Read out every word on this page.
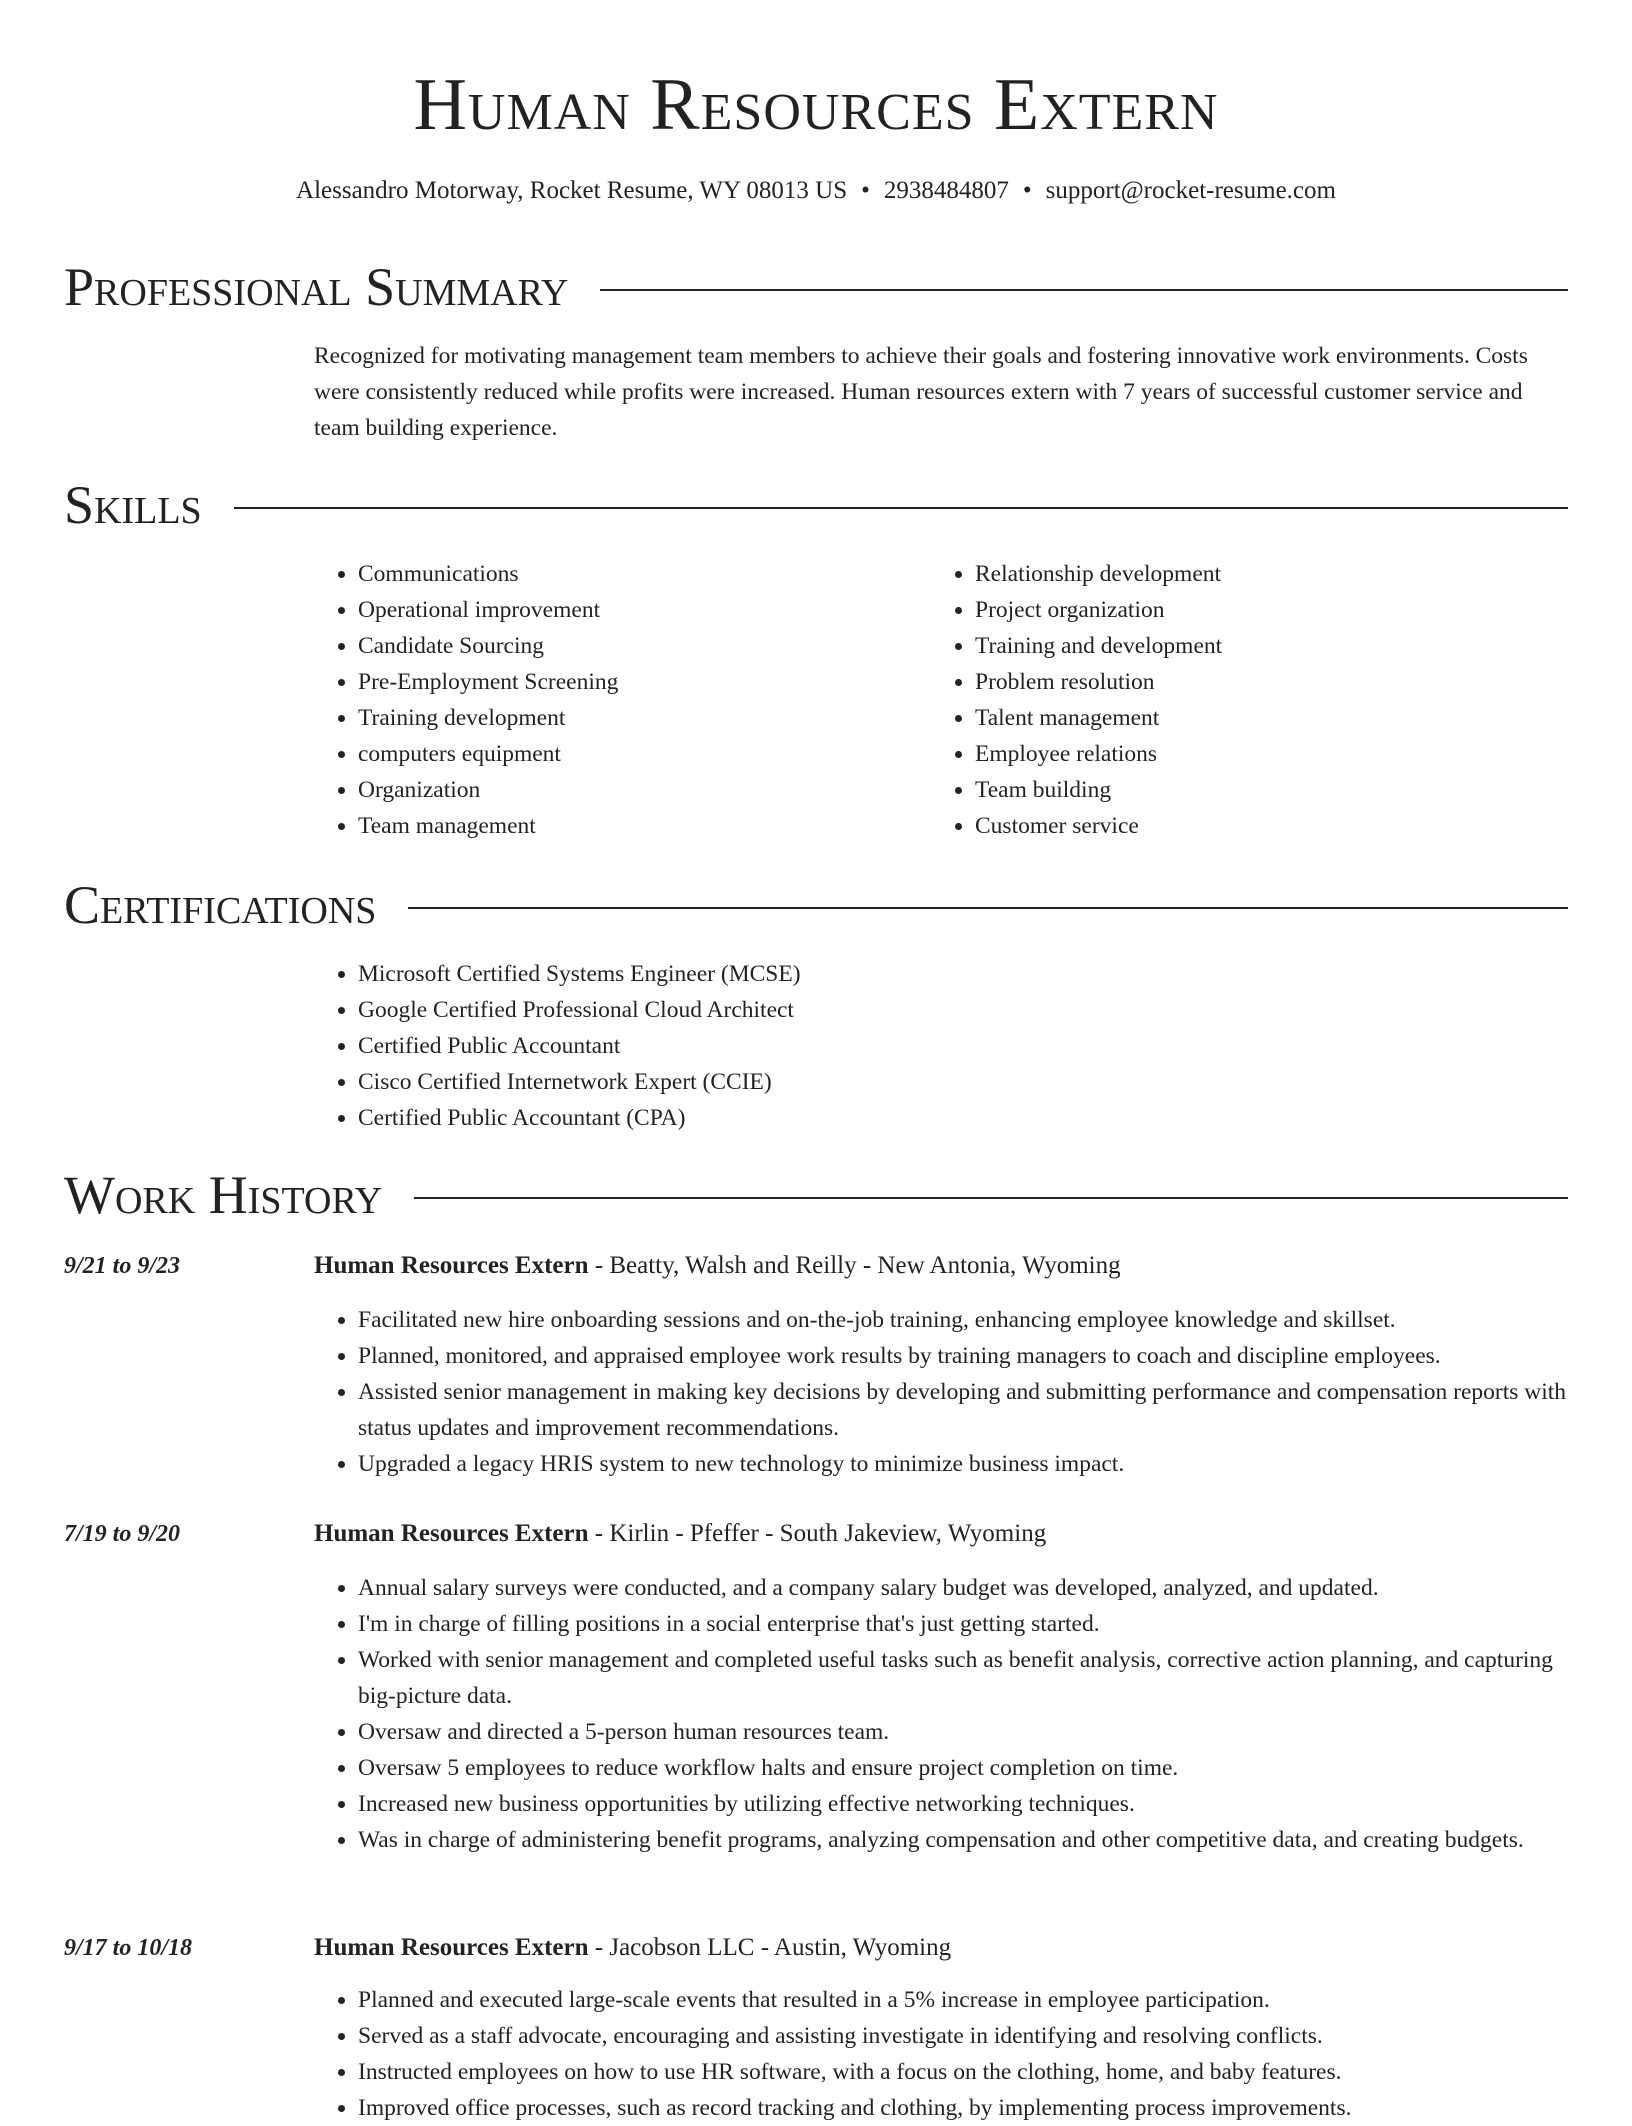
Human Resources Extern
Alessandro Motorway, Rocket Resume, WY 08013 US • 2938484807 • support@rocket-resume.com
Professional Summary
Recognized for motivating management team members to achieve their goals and fostering innovative work environments. Costs were consistently reduced while profits were increased. Human resources extern with 7 years of successful customer service and team building experience.
Skills
• Communications
• Operational improvement
• Candidate Sourcing
• Pre-Employment Screening
• Training development
• computers equipment
• Organization
• Team management
• Relationship development
• Project organization
• Training and development
• Problem resolution
• Talent management
• Employee relations
• Team building
• Customer service
Certifications
• Microsoft Certified Systems Engineer (MCSE)
• Google Certified Professional Cloud Architect
• Certified Public Accountant
• Cisco Certified Internetwork Expert (CCIE)
• Certified Public Accountant (CPA)
Work History
9/21 to 9/23	Human Resources Extern - Beatty, Walsh and Reilly - New Antonia, Wyoming
• Facilitated new hire onboarding sessions and on-the-job training, enhancing employee knowledge and skillset.
• Planned, monitored, and appraised employee work results by training managers to coach and discipline employees.
• Assisted senior management in making key decisions by developing and submitting performance and compensation reports with status updates and improvement recommendations.
• Upgraded a legacy HRIS system to new technology to minimize business impact.
7/19 to 9/20	Human Resources Extern - Kirlin - Pfeffer - South Jakeview, Wyoming
• Annual salary surveys were conducted, and a company salary budget was developed, analyzed, and updated.
• I'm in charge of filling positions in a social enterprise that's just getting started.
• Worked with senior management and completed useful tasks such as benefit analysis, corrective action planning, and capturing big-picture data.
• Oversaw and directed a 5-person human resources team.
• Oversaw 5 employees to reduce workflow halts and ensure project completion on time.
• Increased new business opportunities by utilizing effective networking techniques.
• Was in charge of administering benefit programs, analyzing compensation and other competitive data, and creating budgets.
9/17 to 10/18	Human Resources Extern - Jacobson LLC - Austin, Wyoming
• Planned and executed large-scale events that resulted in a 5% increase in employee participation.
• Served as a staff advocate, encouraging and assisting investigate in identifying and resolving conflicts.
• Instructed employees on how to use HR software, with a focus on the clothing, home, and baby features.
• Improved office processes, such as record tracking and clothing, by implementing process improvements.
